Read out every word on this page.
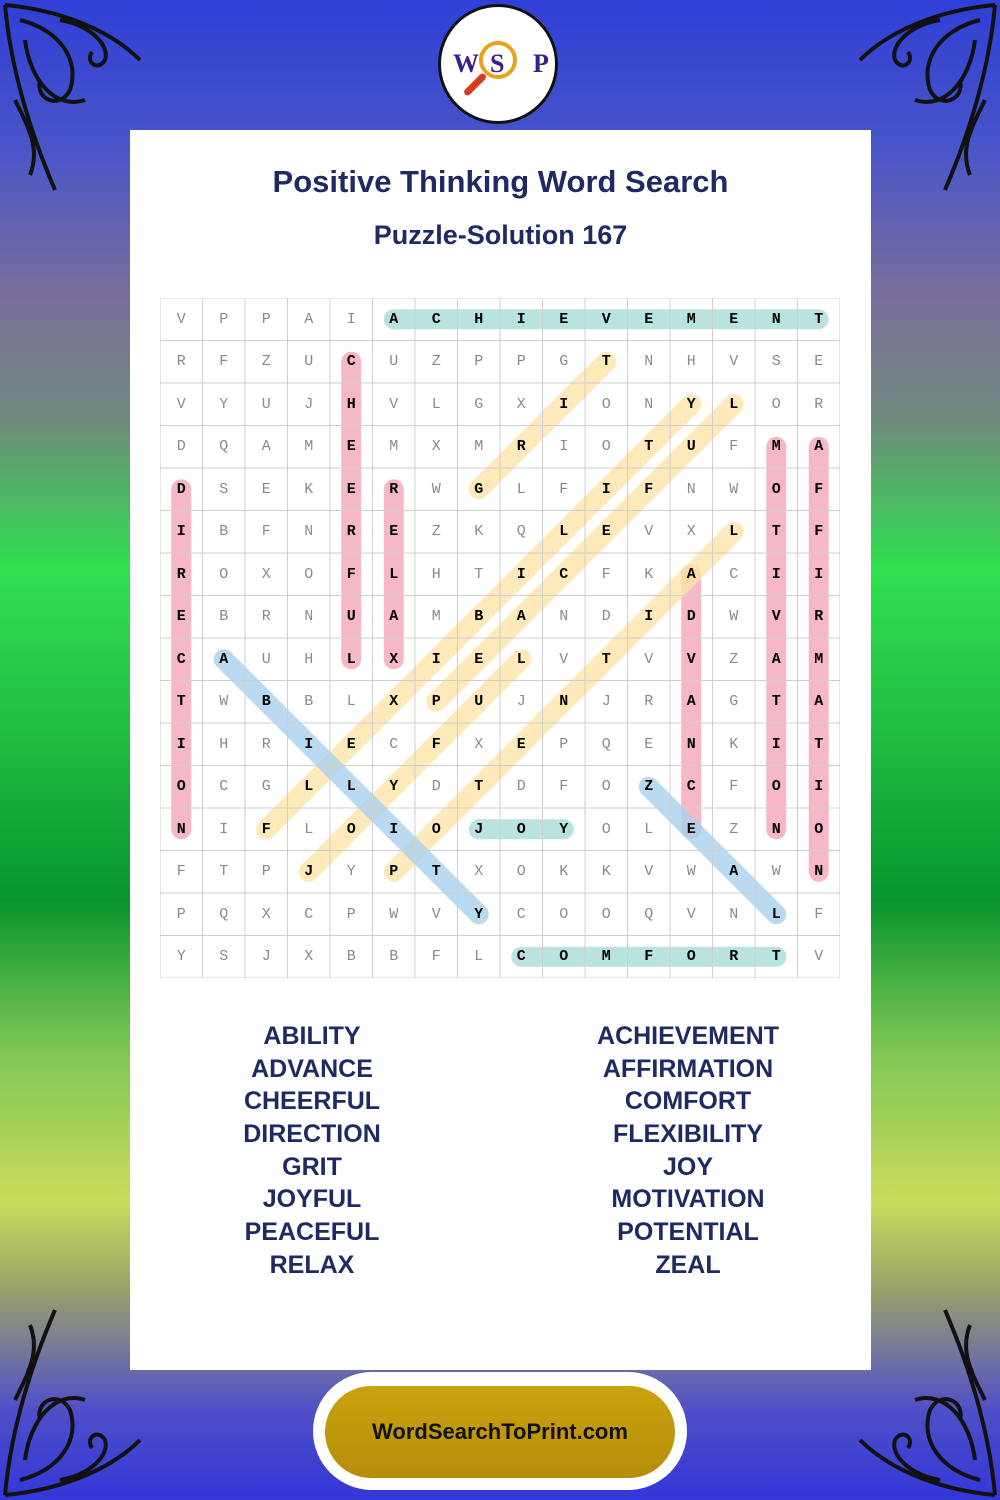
W S P
Positive Thinking Word Search
Puzzle-Solution 167
V	P	P	A	I	A	C	H	I	E	V	E	M	E	N	T
R	F	Z	U	C	U	Z	P	P	G	T	N	H	V	S	E
V	Y	U	J	H	V	L	G	X	I	O	N	Y	L	O	R
D	Q	A	M	E	M	X	M	R	I	O	T	U	F	M	A
D	S	E	K	E	R	W	G	L	F	I	F	N	W	O	F
I	B	F	N	R	E	Z	K	Q	L	E	V	X	L	T	F
R	O	X	O	F	L	H	T	I	C	F	K	A	C	I	I
E	B	R	N	U	A	M	B	A	N	D	I	D	W	V	R
C	A	U	H	L	X	I	E	L	V	T	V	V	Z	A	M
T	W	B	B	L	X	P	U	J	N	J	R	A	G	T	A
I	H	R	I	E	C	F	X	E	P	Q	E	N	K	I	T
O	C	G	L	L	Y	D	T	D	F	O	Z	C	F	O	I
N	I	F	L	O	I	O	J	O	Y	O	L	E	Z	N	O
F	T	P	J	Y	P	T	X	O	K	K	V	W	A	W	N
P	Q	X	C	P	W	V	Y	C	O	O	Q	V	N	L	F
Y	S	J	X	B	B	F	L	C	O	M	F	O	R	T	V
ABILITY
ADVANCE
CHEERFUL
DIRECTION
GRIT
JOYFUL
PEACEFUL
RELAX
ACHIEVEMENT
AFFIRMATION
COMFORT
FLEXIBILITY
JOY
MOTIVATION
POTENTIAL
ZEAL
WordSearchToPrint.com
